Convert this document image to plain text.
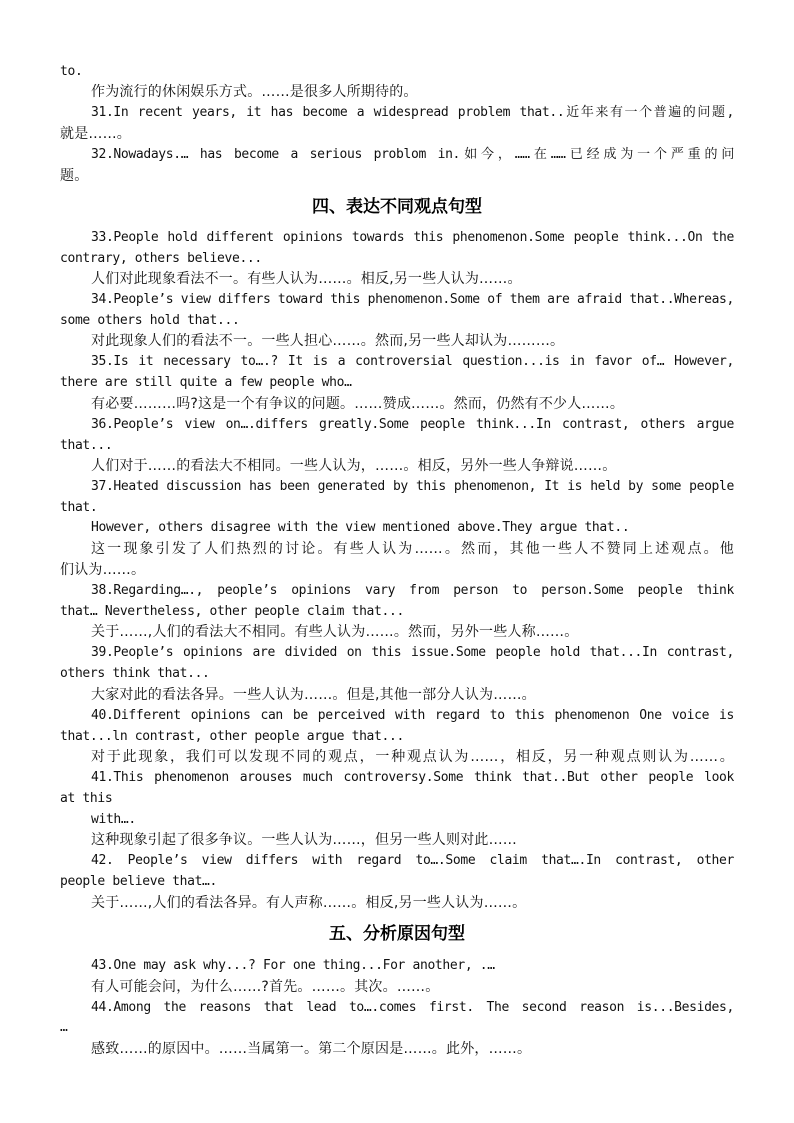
to.
作为流行的休闲娱乐方式。……是很多人所期待的。
31.In recent years, it has become a widespread problem that..近年来有一个普遍的问题,
就是……。
32.Nowadays.… has become a serious problom in.如今，……在……已经成为一个严重的问
题。
四、表达不同观点句型
33.People hold different opinions towards this phenomenon.Some people think...On the
contrary, others believe...
人们对此现象看法不一。有些人认为……。相反,另一些人认为……。
34.People’s view differs toward this phenomenon.Some of them are afraid that..Whereas,
some others hold that...
对此现象人们的看法不一。一些人担心……。然而,另一些人却认为………。
35.Is it necessary to….? It is a controversial question...is in favor of… However,
there are still quite a few people who…
有必要………吗?这是一个有争议的问题。……赞成……。然而，仍然有不少人……。
36.People’s view on….differs greatly.Some people think...In contrast, others argue
that...
人们对于……的看法大不相同。一些人认为，……。相反，另外一些人争辩说……。
37.Heated discussion has been generated by this phenomenon, It is held by some people
that.
However, others disagree with the view mentioned above.They argue that..
这一现象引发了人们热烈的讨论。有些人认为……。然而，其他一些人不赞同上述观点。他
们认为……。
38.Regarding…., people’s opinions vary from person to person.Some people think
that… Nevertheless, other people claim that...
关于……,人们的看法大不相同。有些人认为……。然而，另外一些人称……。
39.People’s opinions are divided on this issue.Some people hold that...In contrast,
others think that...
大家对此的看法各异。一些人认为……。但是,其他一部分人认为……。
40.Different opinions can be perceived with regard to this phenomenon One voice is
that...ln contrast, other people argue that...
对于此现象，我们可以发现不同的观点，一种观点认为……，相反，另一种观点则认为……。
41.This phenomenon arouses much controversy.Some think that..But other people look
at this
with….
这种现象引起了很多争议。一些人认为……，但另一些人则对此……
42. People’s view differs with regard to….Some claim that….In contrast, other
people believe that….
关于……,人们的看法各异。有人声称……。相反,另一些人认为……。
五、分析原因句型
43.One may ask why...? For one thing...For another, .…
有人可能会问，为什么……?首先。……。其次。……。
44.Among the reasons that lead to….comes first. The second reason is...Besides,
…
感致……的原因中。……当属第一。第二个原因是……。此外，……。
